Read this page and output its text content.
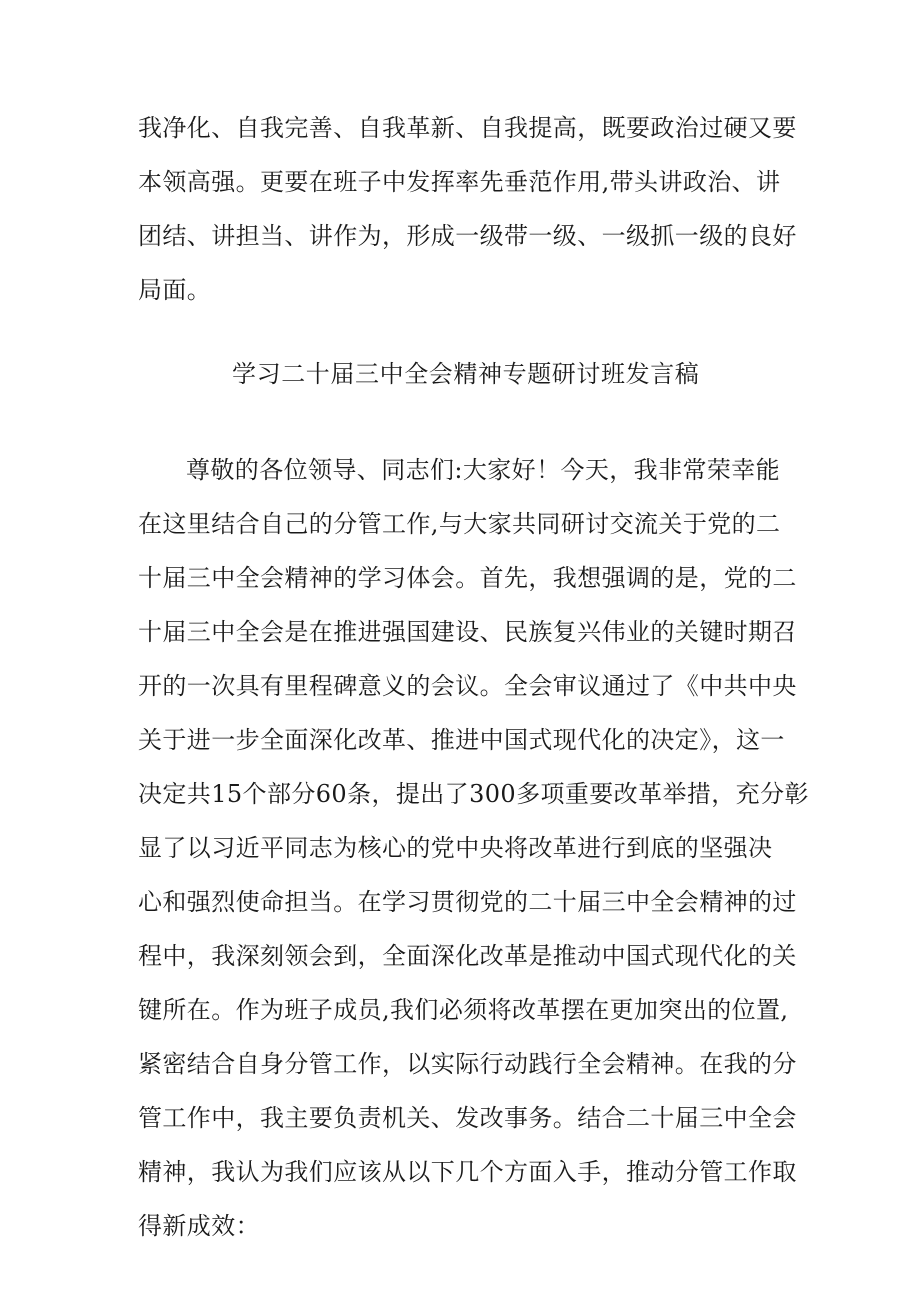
我净化、自我完善、自我革新、自我提高，既要政治过硬又要
本领高强。更要在班子中发挥率先垂范作用,带头讲政治、讲
团结、讲担当、讲作为，形成一级带一级、一级抓一级的良好
局面。
学习二十届三中全会精神专题研讨班发言稿
尊敬的各位领导、同志们:大家好！今天，我非常荣幸能
在这里结合自己的分管工作,与大家共同研讨交流关于党的二
十届三中全会精神的学习体会。首先，我想强调的是，党的二
十届三中全会是在推进强国建设、民族复兴伟业的关键时期召
开的一次具有里程碑意义的会议。全会审议通过了《中共中央
关于进一步全面深化改革、推进中国式现代化的决定》，这一
决定共15个部分60条，提出了300多项重要改革举措，充分彰
显了以习近平同志为核心的党中央将改革进行到底的坚强决
心和强烈使命担当。在学习贯彻党的二十届三中全会精神的过
程中，我深刻领会到，全面深化改革是推动中国式现代化的关
键所在。作为班子成员,我们必须将改革摆在更加突出的位置,
紧密结合自身分管工作，以实际行动践行全会精神。在我的分
管工作中，我主要负责机关、发改事务。结合二十届三中全会
精神，我认为我们应该从以下几个方面入手，推动分管工作取
得新成效：
